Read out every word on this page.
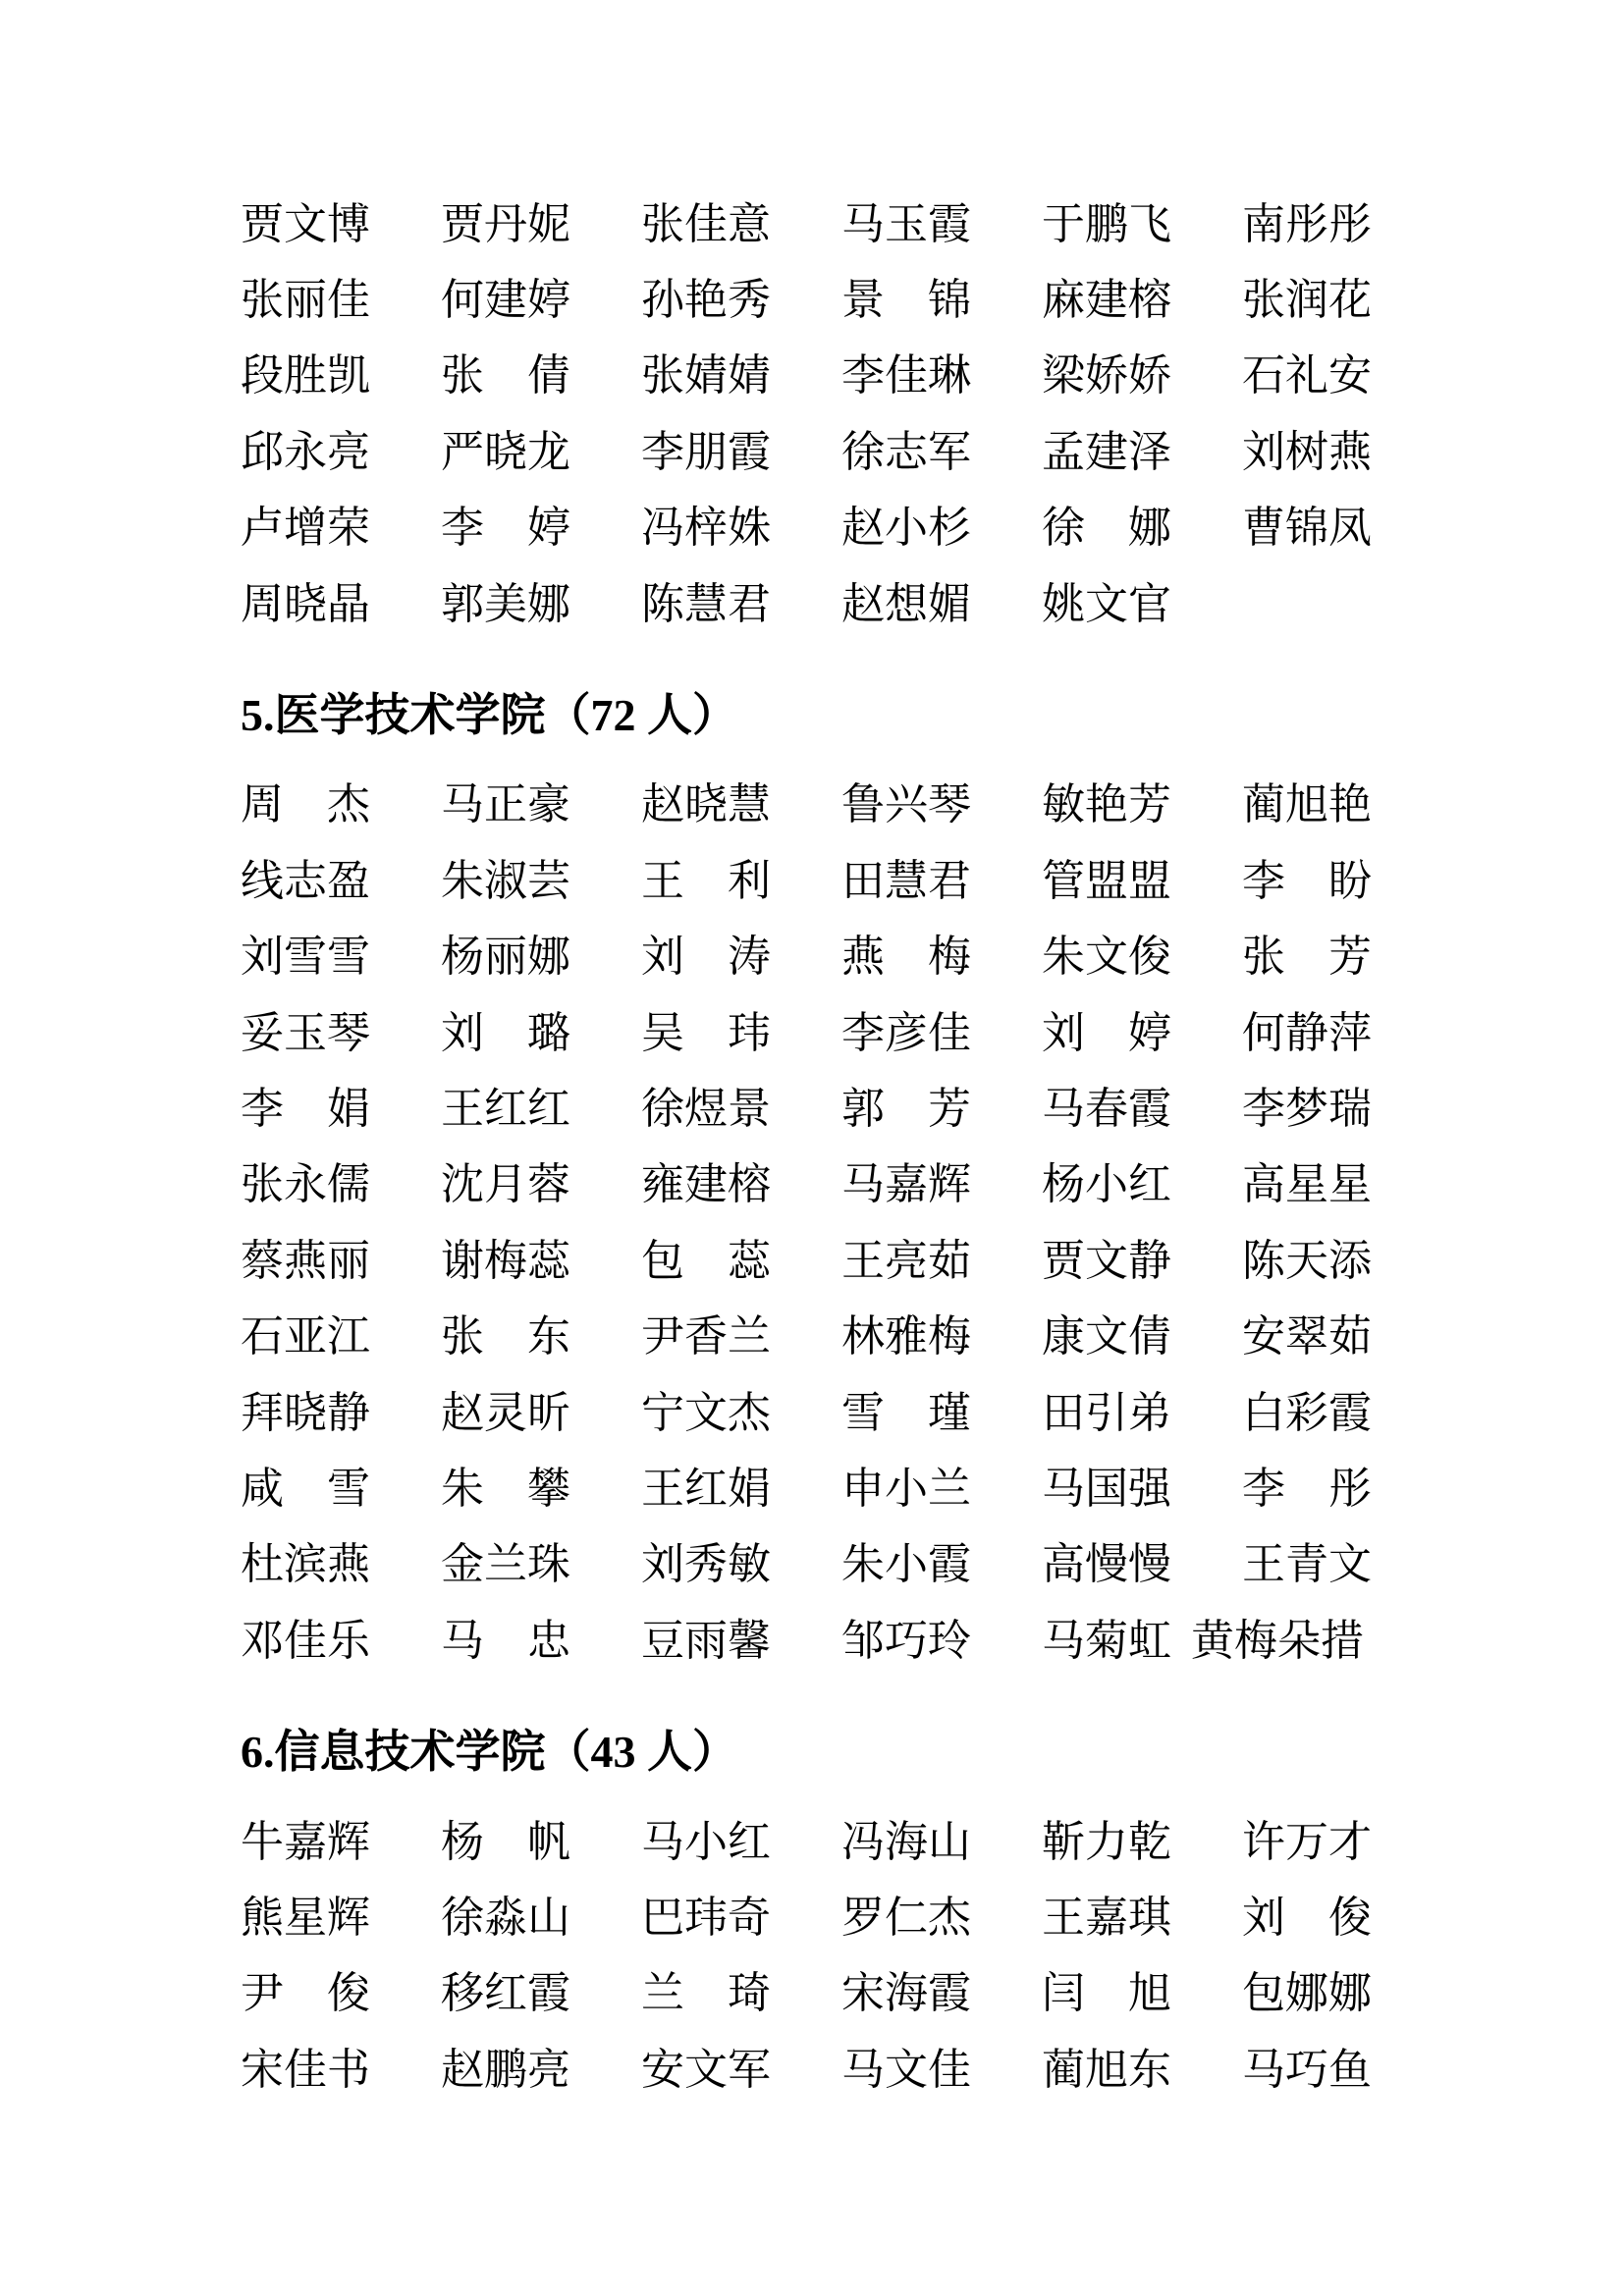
贾文博	贾丹妮	张佳意	马玉霞	于鹏飞	南彤彤
张丽佳	何建婷	孙艳秀	景　锦	麻建榕	张润花
段胜凯	张　倩	张婧婧	李佳琳	梁娇娇	石礼安
邱永亮	严晓龙	李朋霞	徐志军	孟建泽	刘树燕
卢增荣	李　婷	冯梓姝	赵小杉	徐　娜	曹锦凤
周晓晶	郭美娜	陈慧君	赵想媚	姚文官
5.医学技术学院（72 人）
周　杰	马正豪	赵晓慧	鲁兴琴	敏艳芳	蔺旭艳
线志盈	朱淑芸	王　利	田慧君	管盟盟	李　盼
刘雪雪	杨丽娜	刘　涛	燕　梅	朱文俊	张　芳
妥玉琴	刘　璐	吴　玮	李彦佳	刘　婷	何静萍
李　娟	王红红	徐煜景	郭　芳	马春霞	李梦瑞
张永儒	沈月蓉	雍建榕	马嘉辉	杨小红	高星星
蔡燕丽	谢梅蕊	包　蕊	王亮茹	贾文静	陈天添
石亚江	张　东	尹香兰	林雅梅	康文倩	安翠茹
拜晓静	赵灵昕	宁文杰	雪　瑾	田引弟	白彩霞
咸　雪	朱　攀	王红娟	申小兰	马国强	李　彤
杜滨燕	金兰珠	刘秀敏	朱小霞	高慢慢	王青文
邓佳乐	马　忠	豆雨馨	邹巧玲	马菊虹 黄梅朵措
6.信息技术学院（43 人）
牛嘉辉	杨　帆	马小红	冯海山	靳力乾	许万才
熊星辉	徐淼山	巴玮奇	罗仁杰	王嘉琪	刘　俊
尹　俊	移红霞	兰　琦	宋海霞	闫　旭	包娜娜
宋佳书	赵鹏亮	安文军	马文佳	蔺旭东	马巧鱼
